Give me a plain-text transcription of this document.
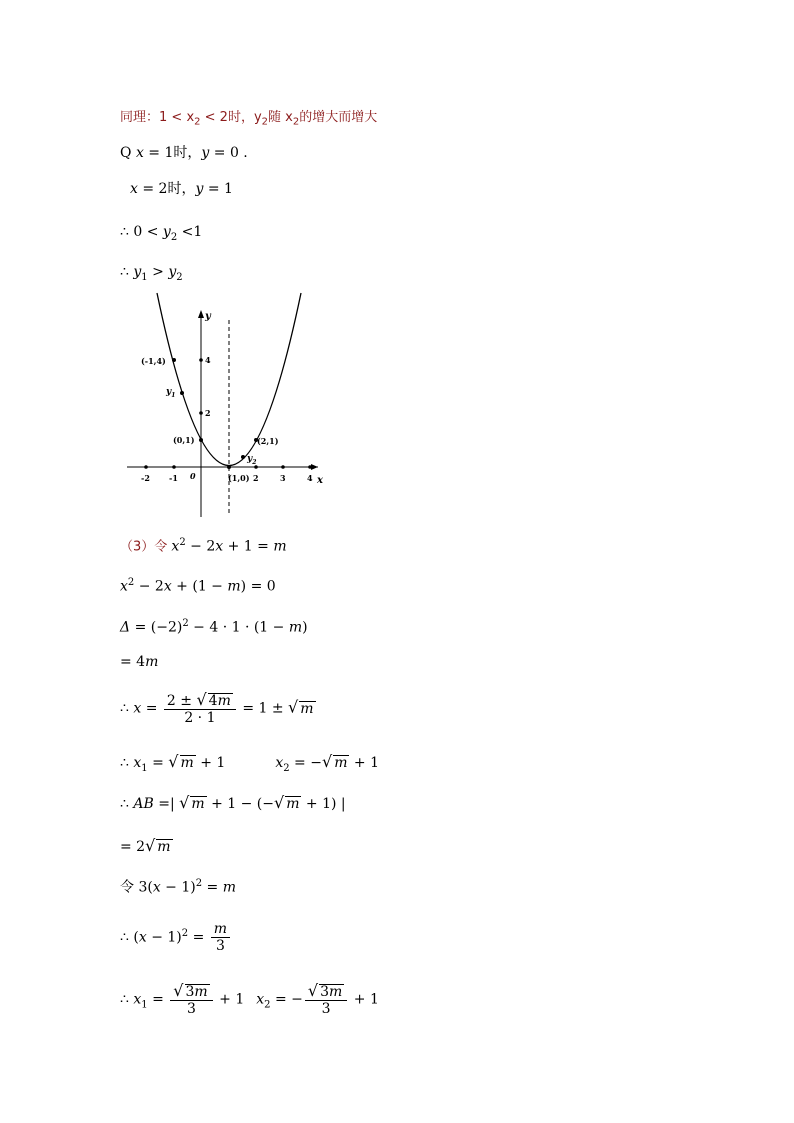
同理：$1 < x_2 < 2$时，$y_2$随 $x_2$的增大而增大
Q x = 1时，y = 0 .
x = 2时，y = 1
∴ $0 < y_2 <1$
∴ $y_1 > y_2$
x
y
0
-2 -1	2	3	4
2
4
(-1,4)
(0,1)
(1,0)
(2,1)
$y_1$
$y_2$
（3）令 $x^2 - 2x + 1 = m$
$x^2 - 2x + (1 - m) = 0$
$\Delta = (-2)^2 - 4 \cdot 1 \cdot (1 - m)$
= 4m
∴ $x = \frac{2 \pm √ 4m}{2 \cdot 1} = 1$ ± √ m
∴ $x_1$ = √ m + 1	$x_2$ = −√ m + 1
∴ AB =| √ m + 1 − (−√ m + 1) |
= 2√ m
令 $3(x - 1)^2 = m$
∴ $(x - 1)^2 = \frac{m}{3}$
∴ $x_1 = \frac{√ 3m}{3} + 1$ $x_2$ = − $\frac{√ 3m}{3} + 1$
